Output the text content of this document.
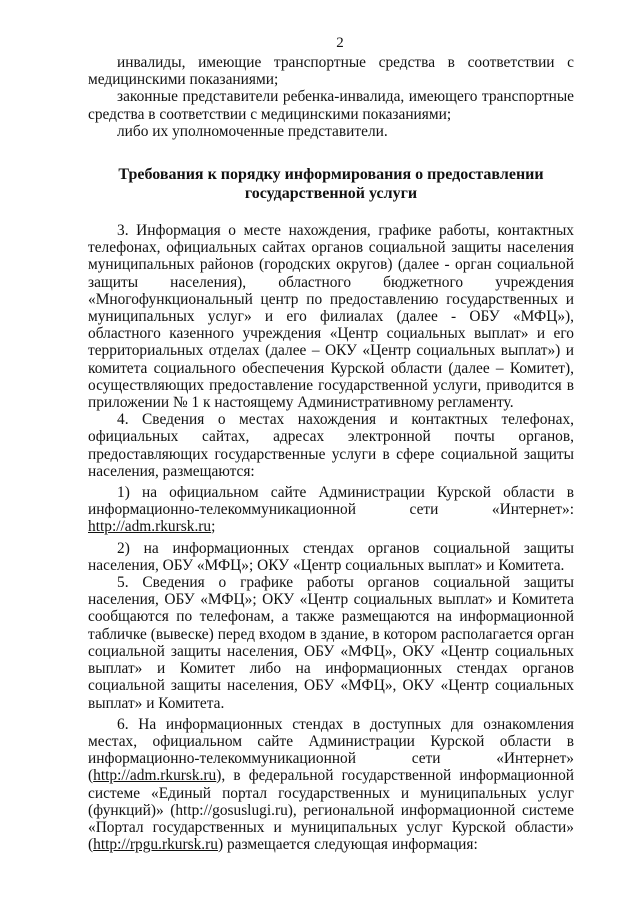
2

инвалиды, имеющие транспортные средства в соответствии с медицинскими показаниями;

законные представители ребенка-инвалида, имеющего транспортные средства в соответствии с медицинскими показаниями;

либо их уполномоченные представители.

Требования к порядку информирования о предоставлении
государственной услуги

3. Информация о месте нахождения, графике работы, контактных телефонах, официальных сайтах органов социальной защиты населения муниципальных районов (городских округов) (далее - орган социальной защиты населения), областного бюджетного учреждения «Многофункциональный центр по предоставлению государственных и муниципальных услуг» и его филиалах (далее - ОБУ «МФЦ»), областного казенного учреждения «Центр социальных выплат» и его территориальных отделах (далее – ОКУ «Центр социальных выплат») и комитета социального обеспечения Курской области (далее – Комитет), осуществляющих предоставление государственной услуги, приводится в приложении № 1 к настоящему Административному регламенту.

4. Сведения о местах нахождения и контактных телефонах, официальных сайтах, адресах электронной почты органов, предоставляющих государственные услуги в сфере социальной защиты населения, размещаются:

1) на официальном сайте Администрации Курской области в информационно-телекоммуникационной сети «Интернет»: http://adm.rkursk.ru;

2) на информационных стендах органов социальной защиты населения, ОБУ «МФЦ»; ОКУ «Центр социальных выплат» и Комитета.

5. Сведения о графике работы органов социальной защиты населения, ОБУ «МФЦ»; ОКУ «Центр социальных выплат» и Комитета сообщаются по телефонам, а также размещаются на информационной табличке (вывеске) перед входом в здание, в котором располагается орган социальной защиты населения, ОБУ «МФЦ», ОКУ «Центр социальных выплат» и Комитет либо на информационных стендах органов социальной защиты населения, ОБУ «МФЦ», ОКУ «Центр социальных выплат» и Комитета.

6. На информационных стендах в доступных для ознакомления местах, официальном сайте Администрации Курской области в информационно-телекоммуникационной сети «Интернет» (http://adm.rkursk.ru), в федеральной государственной информационной системе «Единый портал государственных и муниципальных услуг (функций)» (http://gosuslugi.ru), региональной информационной системе «Портал государственных и муниципальных услуг Курской области» (http://rpgu.rkursk.ru) размещается следующая информация:
